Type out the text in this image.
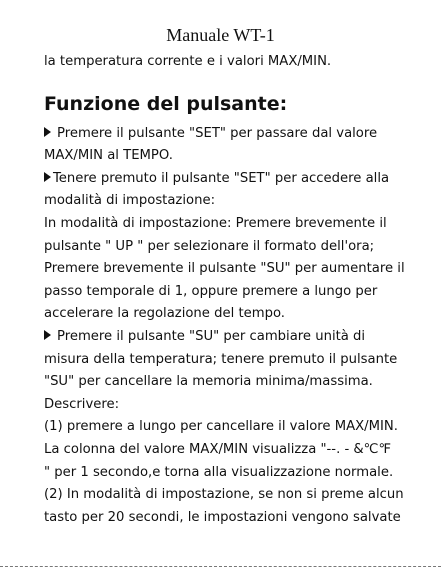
Manuale WT-1
la temperatura corrente e i valori MAX/MIN.
Funzione del pulsante:
Premere il pulsante "SET" per passare dal valore
MAX/MIN al TEMPO.
Tenere premuto il pulsante "SET" per accedere alla
modalità di impostazione:
In modalità di impostazione: Premere brevemente il
pulsante " UP " per selezionare il formato dell'ora;
Premere brevemente il pulsante "SU" per aumentare il
passo temporale di 1, oppure premere a lungo per
accelerare la regolazione del tempo.
Premere il pulsante "SU" per cambiare unità di
misura della temperatura; tenere premuto il pulsante
"SU" per cancellare la memoria minima/massima.
Descrivere:
(1) premere a lungo per cancellare il valore MAX/MIN.
La colonna del valore MAX/MIN visualizza "--. - &℃℉
" per 1 secondo,e torna alla visualizzazione normale.
(2) In modalità di impostazione, se non si preme alcun
tasto per 20 secondi, le impostazioni vengono salvate
